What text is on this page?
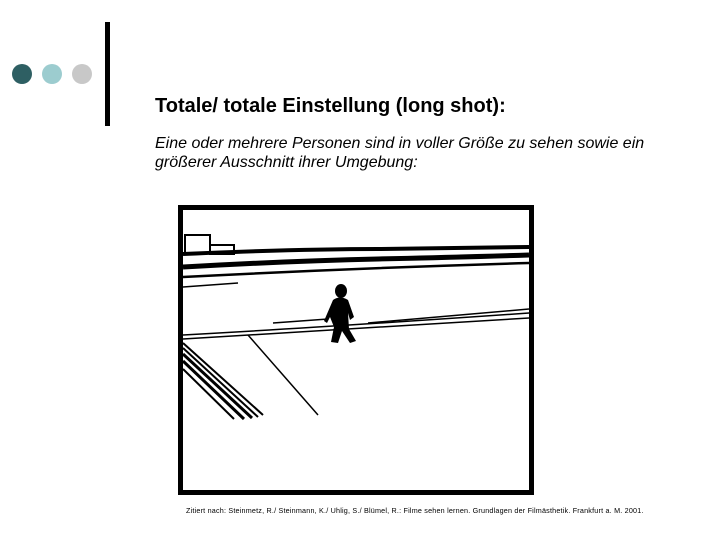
Totale/ totale Einstellung (long shot):
Eine oder mehrere Personen sind in voller Größe zu sehen sowie ein größerer Ausschnitt ihrer Umgebung:
Zitiert nach: Steinmetz, R./ Steinmann, K./ Uhlig, S./ Blümel, R.: Filme sehen lernen. Grundlagen der Filmästhetik. Frankfurt a. M. 2001.
